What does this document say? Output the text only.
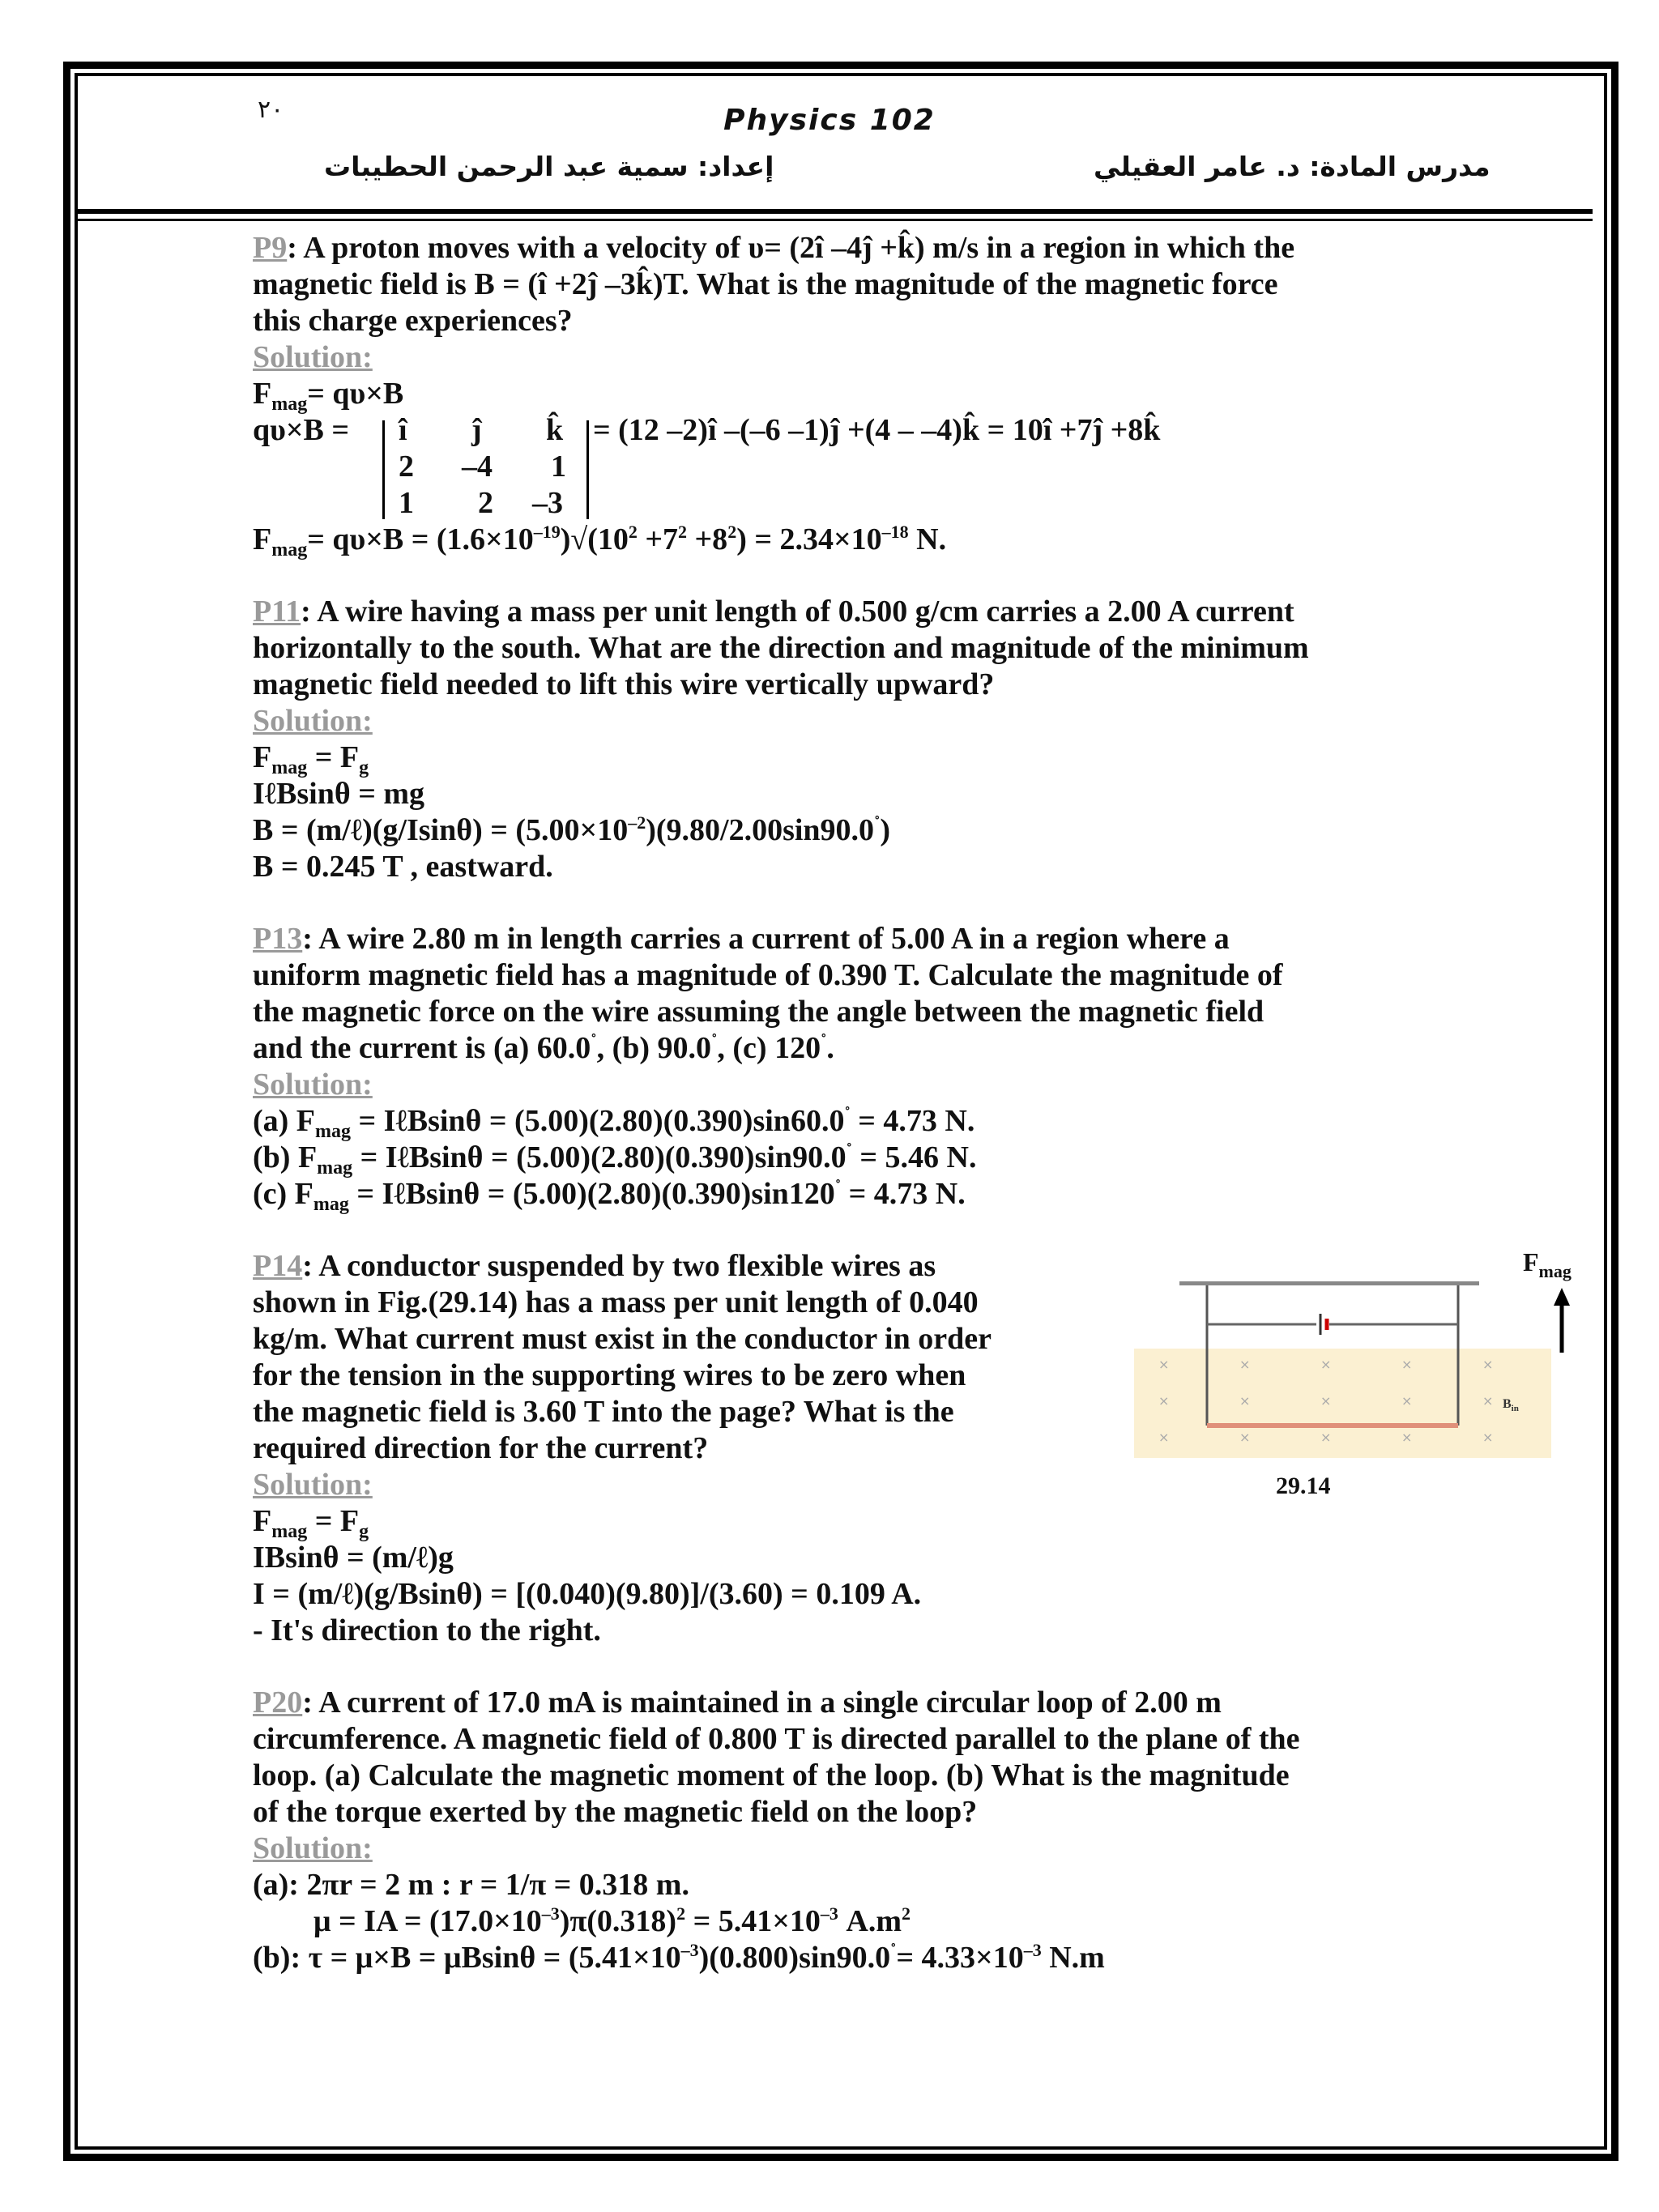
٢٠	Physics 102
إعداد: سمية عبد الرحمن الحطيبات	مدرس المادة: د. عامر العقيلي
P9: A proton moves with a velocity of υ= (2î –4ĵ +k̂) m/s in a region in which the
magnetic field is B = (î +2ĵ –3k̂)T. What is the magnitude of the magnetic force
this charge experiences?
Solution:
$F_{mag}= q\upsilon\times B$
qυ×B = î ĵ k̂
2 –4 1
1 2 –3
= (12 –2)î –(–6 –1)ĵ +(4 – –4)k̂ = 10î +7ĵ +8k̂
$F_{mag}= q\upsilon\times B = (1.6\times 10^{-19})√(10^2 +7^2 +8^2) = 2.34\times 10^{-18}$ N.
P11: A wire having a mass per unit length of 0.500 g/cm carries a 2.00 A current
horizontally to the south. What are the direction and magnitude of the minimum
magnetic field needed to lift this wire vertically upward?
Solution:
$F_{mag} = F_g$
IℓBsinθ = mg
B = (m/ℓ)(g/Isinθ) = $(5.00\times 10^{-2})(9.80/2.00\sin 90.0^˚)$
B = 0.245 T , eastward.
P13: A wire 2.80 m in length carries a current of 5.00 A in a region where a
uniform magnetic field has a magnitude of 0.390 T. Calculate the magnitude of
the magnetic force on the wire assuming the angle between the magnetic field
and the current is (a) 60.0˚, (b) 90.0˚, (c) 120˚.
Solution:
(a) $F_{mag}$ = IℓBsinθ = (5.00)(2.80)(0.390)sin60.0˚ = 4.73 N.
(b) $F_{mag}$ = IℓBsinθ = (5.00)(2.80)(0.390)sin90.0˚ = 5.46 N.
(c) $F_{mag}$ = IℓBsinθ = (5.00)(2.80)(0.390)sin120˚ = 4.73 N.
P14: A conductor suspended by two flexible wires as
shown in Fig.(29.14) has a mass per unit length of 0.040
kg/m. What current must exist in the conductor in order
for the tension in the supporting wires to be zero when
the magnetic field is 3.60 T into the page? What is the
required direction for the current?
Solution:
$F_{mag} = F_g$
IBsinθ = (m/ℓ)g
I = (m/ℓ)(g/Bsinθ) = [(0.040)(9.80)]/(3.60) = 0.109 A.
- It's direction to the right.
P20: A current of 17.0 mA is maintained in a single circular loop of 2.00 m
circumference. A magnetic field of 0.800 T is directed parallel to the plane of the
loop. (a) Calculate the magnetic moment of the loop. (b) What is the magnitude
of the torque exerted by the magnetic field on the loop?
Solution:
(a): 2πr = 2 m : r = 1/π = 0.318 m.
μ = IA = $(17.0\times 10^{-3})\pi(0.318)^2 = 5.41\times 10^{-3}$ $A.m^2$
(b): $\tau = \mu\times B = \mu Bsin\theta = (5.41\times 10^{-3})(0.800)\sin 90.0^˚= 4.33\times 10^{-3}$ N.m
$F_{mag}$
×	×	×	×	×
×	×	×	×	×
×	×	×	×	×
$B_{in}$
29.14
